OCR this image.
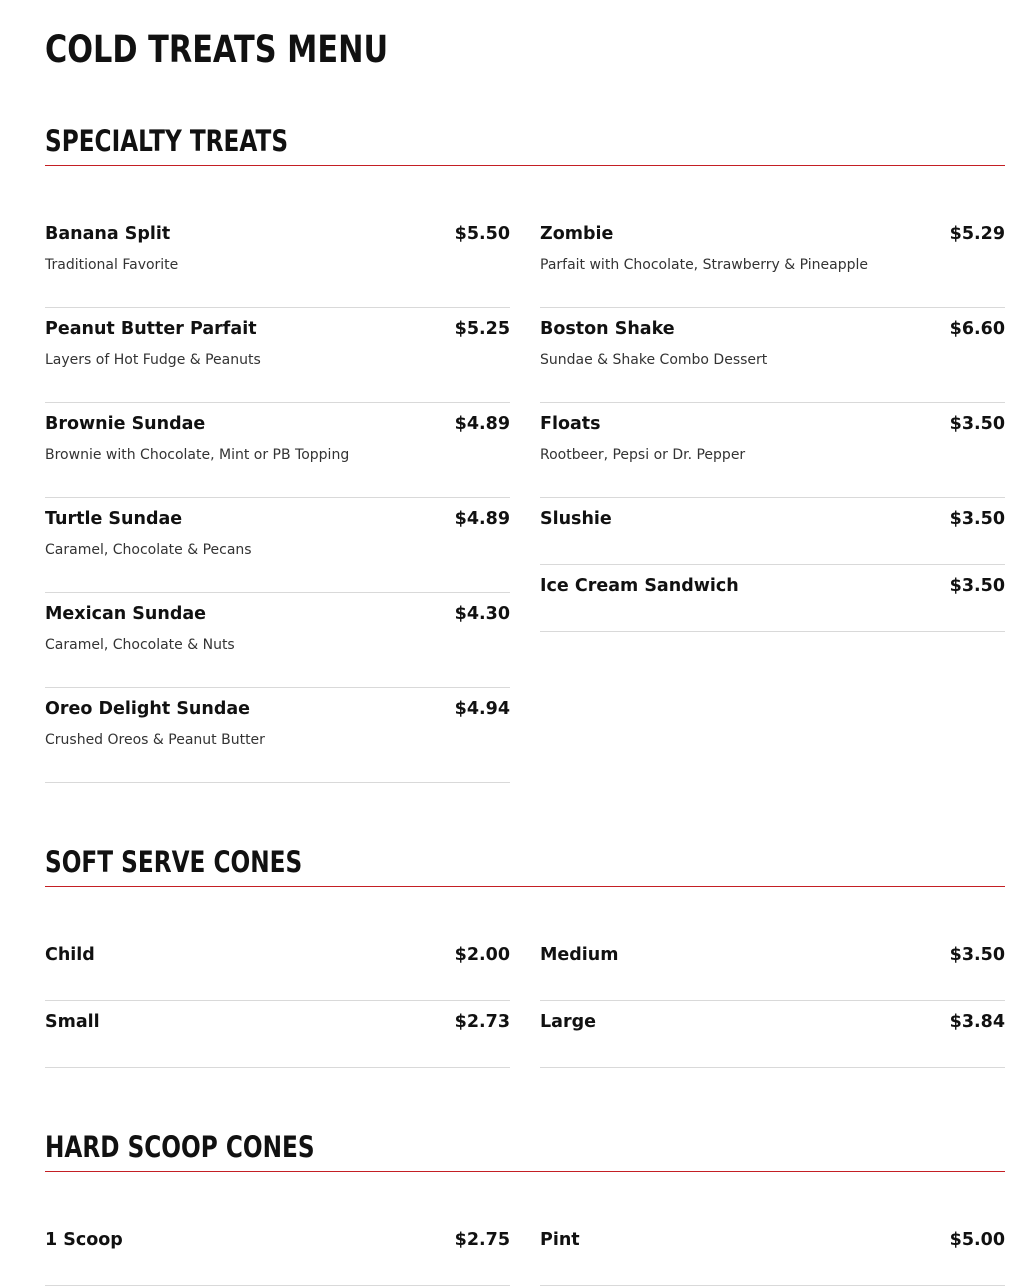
COLD TREATS MENU
SPECIALTY TREATS
Banana Split	$5.50
Traditional Favorite
Peanut Butter Parfait	$5.25
Layers of Hot Fudge & Peanuts
Brownie Sundae	$4.89
Brownie with Chocolate, Mint or PB Topping
Turtle Sundae	$4.89
Caramel, Chocolate & Pecans
Mexican Sundae	$4.30
Caramel, Chocolate & Nuts
Oreo Delight Sundae	$4.94
Crushed Oreos & Peanut Butter
Zombie	$5.29
Parfait with Chocolate, Strawberry & Pineapple
Boston Shake	$6.60
Sundae & Shake Combo Dessert
Floats	$3.50
Rootbeer, Pepsi or Dr. Pepper
Slushie	$3.50
Ice Cream Sandwich	$3.50
SOFT SERVE CONES
Child	$2.00
Small	$2.73
Medium	$3.50
Large	$3.84
HARD SCOOP CONES
1 Scoop	$2.75 Pint	$5.00
